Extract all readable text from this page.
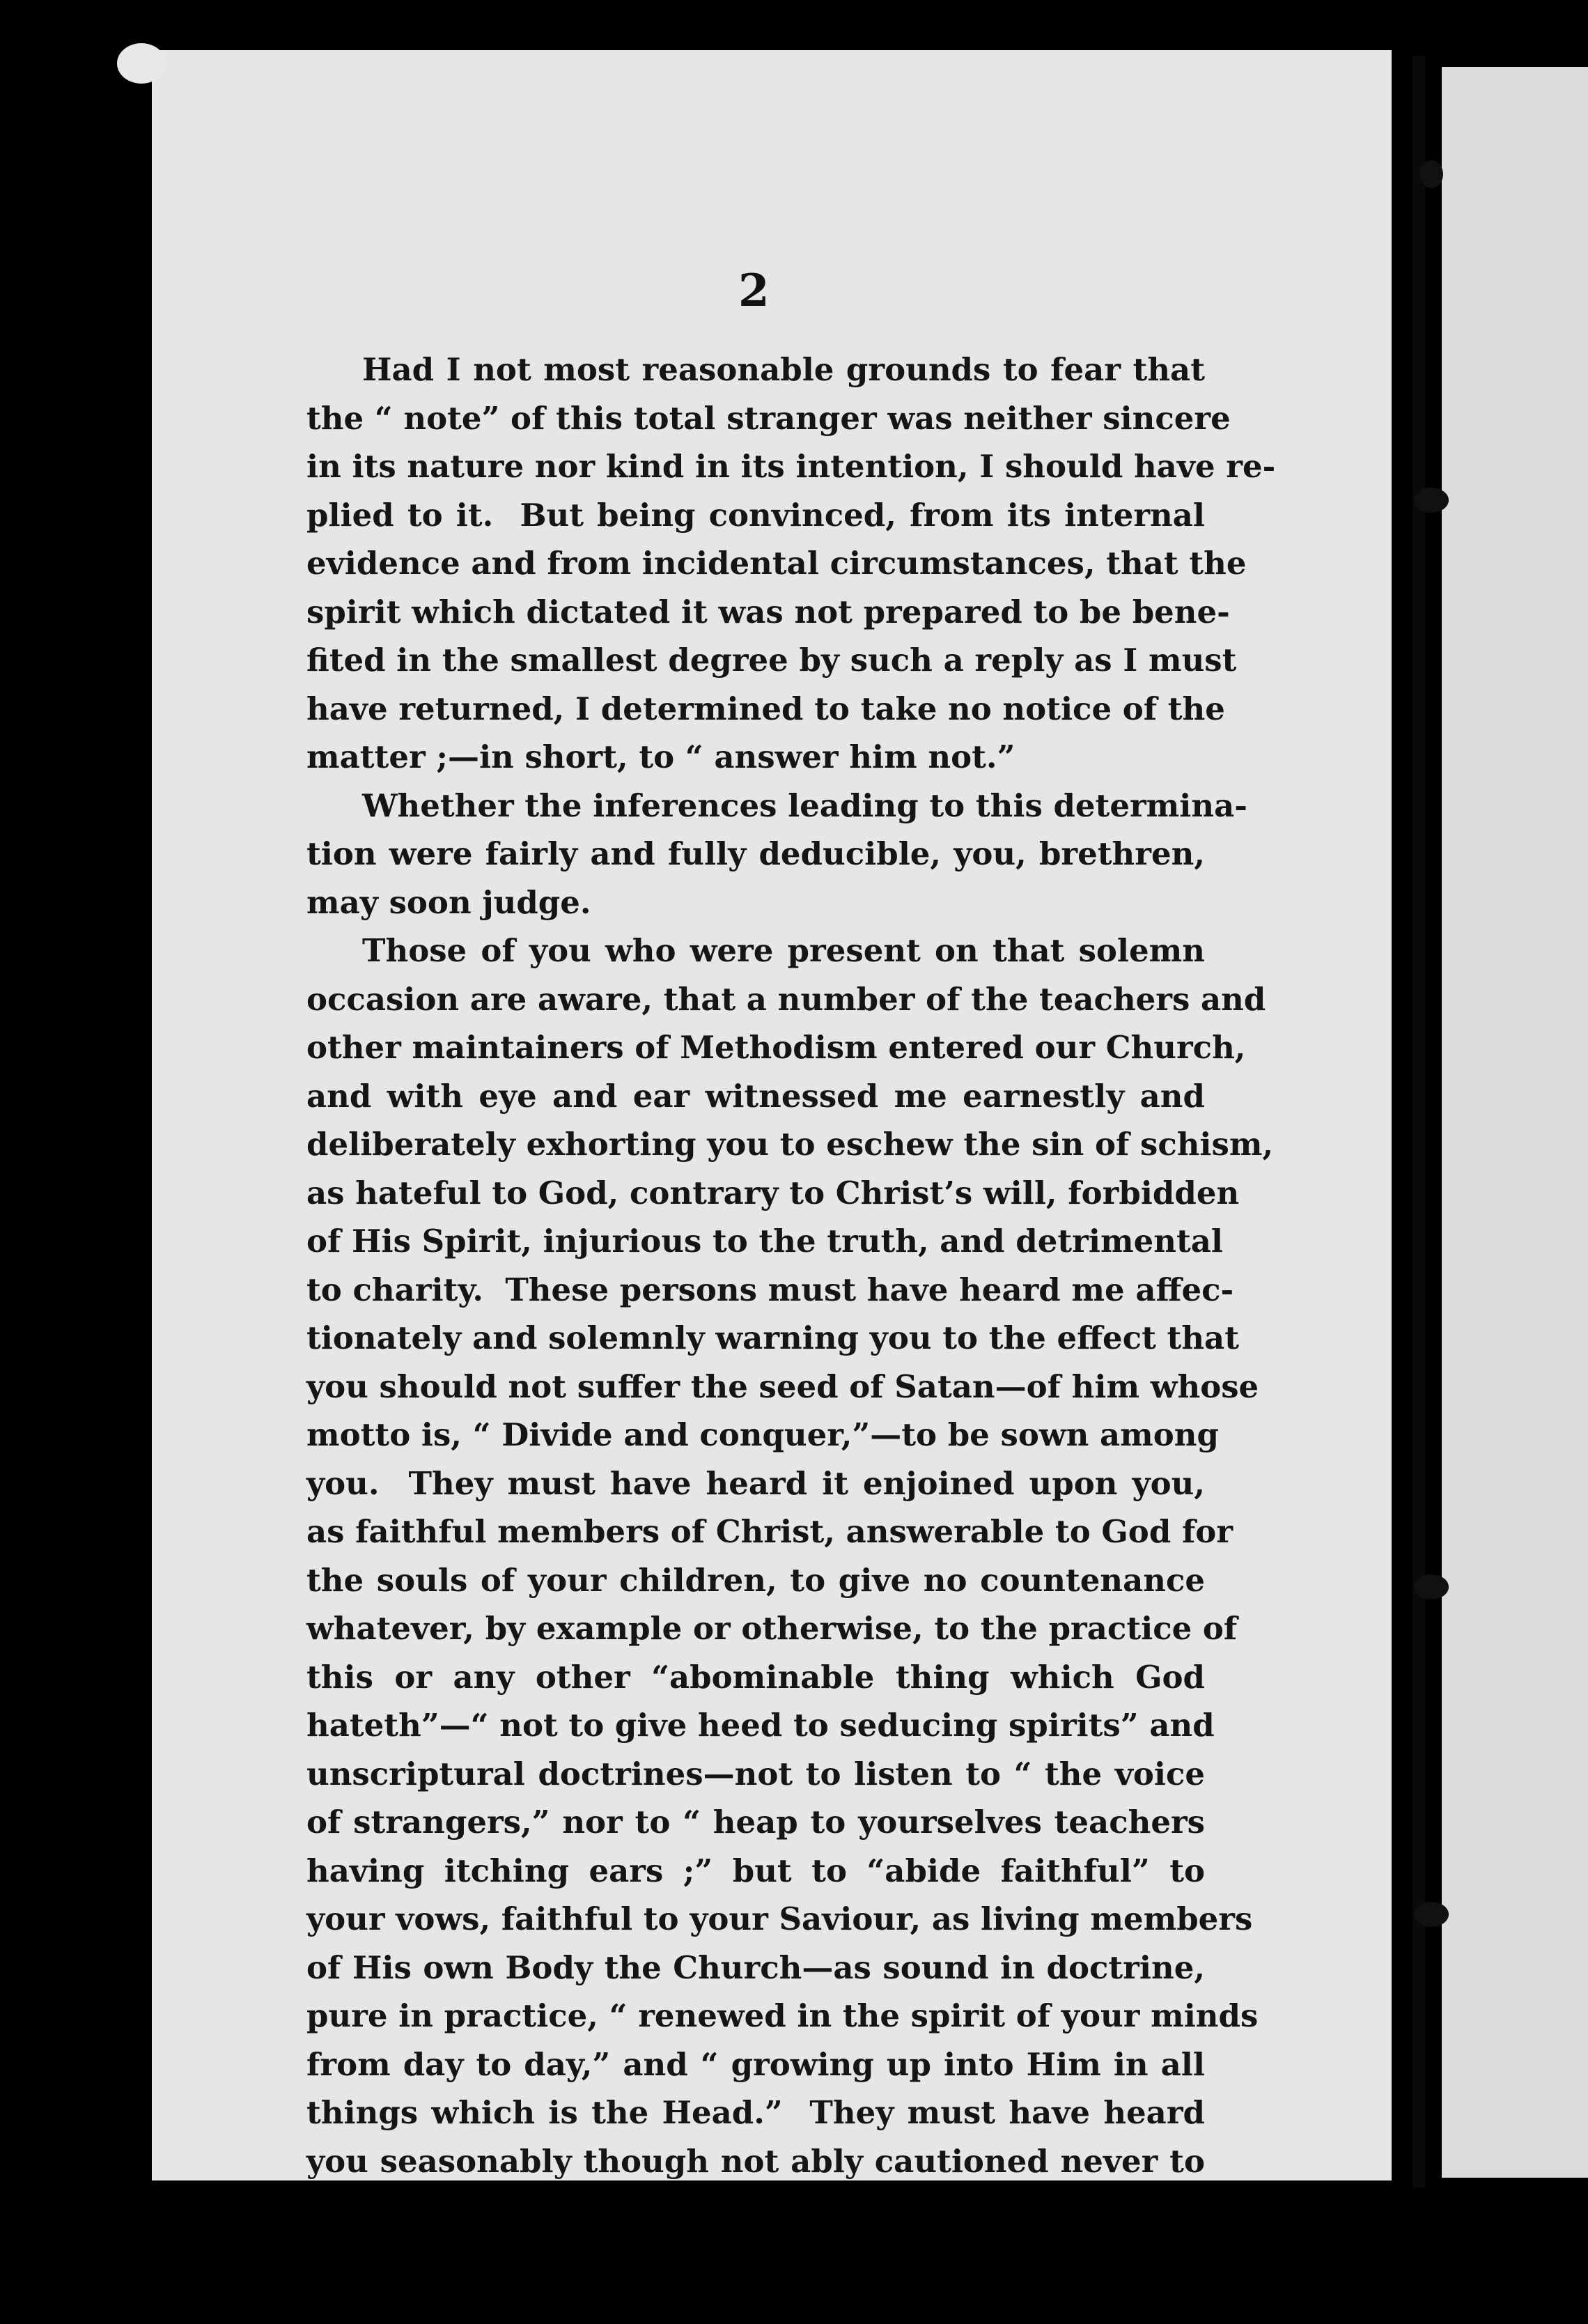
2
Had I not most reasonable grounds to fear that
the “ note” of this total stranger was neither sincere
in its nature nor kind in its intention, I should have re-
plied to it.  But being convinced, from its internal
evidence and from incidental circumstances, that the
spirit which dictated it was not prepared to be bene-
fited in the smallest degree by such a reply as I must
have returned, I determined to take no notice of the
matter ;—in short, to “ answer him not.”
Whether the inferences leading to this determina-
tion were fairly and fully deducible, you, brethren,
may soon judge.
Those of you who were present on that solemn
occasion are aware, that a number of the teachers and
other maintainers of Methodism entered our Church,
and with eye and ear witnessed me earnestly and
deliberately exhorting you to eschew the sin of schism,
as hateful to God, contrary to Christ’s will, forbidden
of His Spirit, injurious to the truth, and detrimental
to charity.  These persons must have heard me affec-
tionately and solemnly warning you to the effect that
you should not suffer the seed of Satan—of him whose
motto is, “ Divide and conquer,”—to be sown among
you.  They must have heard it enjoined upon you,
as faithful members of Christ, answerable to God for
the souls of your children, to give no countenance
whatever, by example or otherwise, to the practice of
this or any other “abominable thing which God
hateth”—“ not to give heed to seducing spirits” and
unscriptural doctrines—not to listen to “ the voice
of strangers,” nor to “ heap to yourselves teachers
having itching ears ;” but to “abide faithful” to
your vows, faithful to your Saviour, as living members
of His own Body the Church—as sound in doctrine,
pure in practice, “ renewed in the spirit of your minds
from day to day,” and “ growing up into Him in all
things which is the Head.”  They must have heard
you seasonably though not ably cautioned never to
